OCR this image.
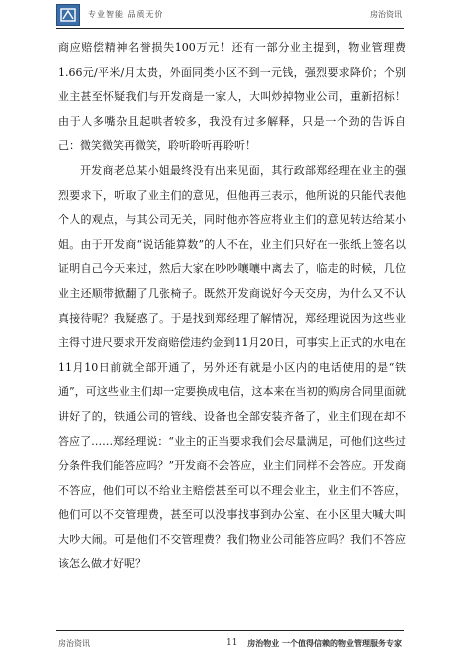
专业智能 品质无价	房治资讯

商应赔偿精神名誉损失100万元！还有一部分业主提到，物业管理费1.66元/平米/月太贵，外面同类小区不到一元钱，强烈要求降价；个别业主甚至怀疑我们与开发商是一家人，大叫炒掉物业公司，重新招标！由于人多嘴杂且起哄者较多，我没有过多解释，只是一个劲的告诉自己：微笑微笑再微笑，聆听聆听再聆听！

开发商老总某小姐最终没有出来见面，其行政部郑经理在业主的强烈要求下，听取了业主们的意见，但他再三表示，他所说的只能代表他个人的观点，与其公司无关，同时他亦答应将业主们的意见转达给某小姐。由于开发商“说话能算数”的人不在，业主们只好在一张纸上签名以证明自己今天来过，然后大家在吵吵嚷嚷中离去了，临走的时候，几位业主还顺带掀翻了几张椅子。既然开发商说好今天交房，为什么又不认真接待呢？我疑惑了。于是找到郑经理了解情况，郑经理说因为这些业主得寸进尺要求开发商赔偿违约金到11月20日，可事实上正式的水电在11月10日前就全部开通了，另外还有就是小区内的电话使用的是“铁通”，可这些业主们却一定要换成电信，这本来在当初的购房合同里面就讲好了的，铁通公司的管线、设备也全部安装齐备了，业主们现在却不答应了……郑经理说：“业主的正当要求我们会尽量满足，可他们这些过分条件我们能答应吗？”开发商不会答应，业主们同样不会答应。开发商不答应，他们可以不给业主赔偿甚至可以不理会业主，业主们不答应，他们可以不交管理费，甚至可以没事找事到办公室、在小区里大喊大叫大吵大闹。可是他们不交管理费？我们物业公司能答应吗？我们不答应该怎么做才好呢？

房治资讯	11 房治物业 一个值得信赖的物业管理服务专家
